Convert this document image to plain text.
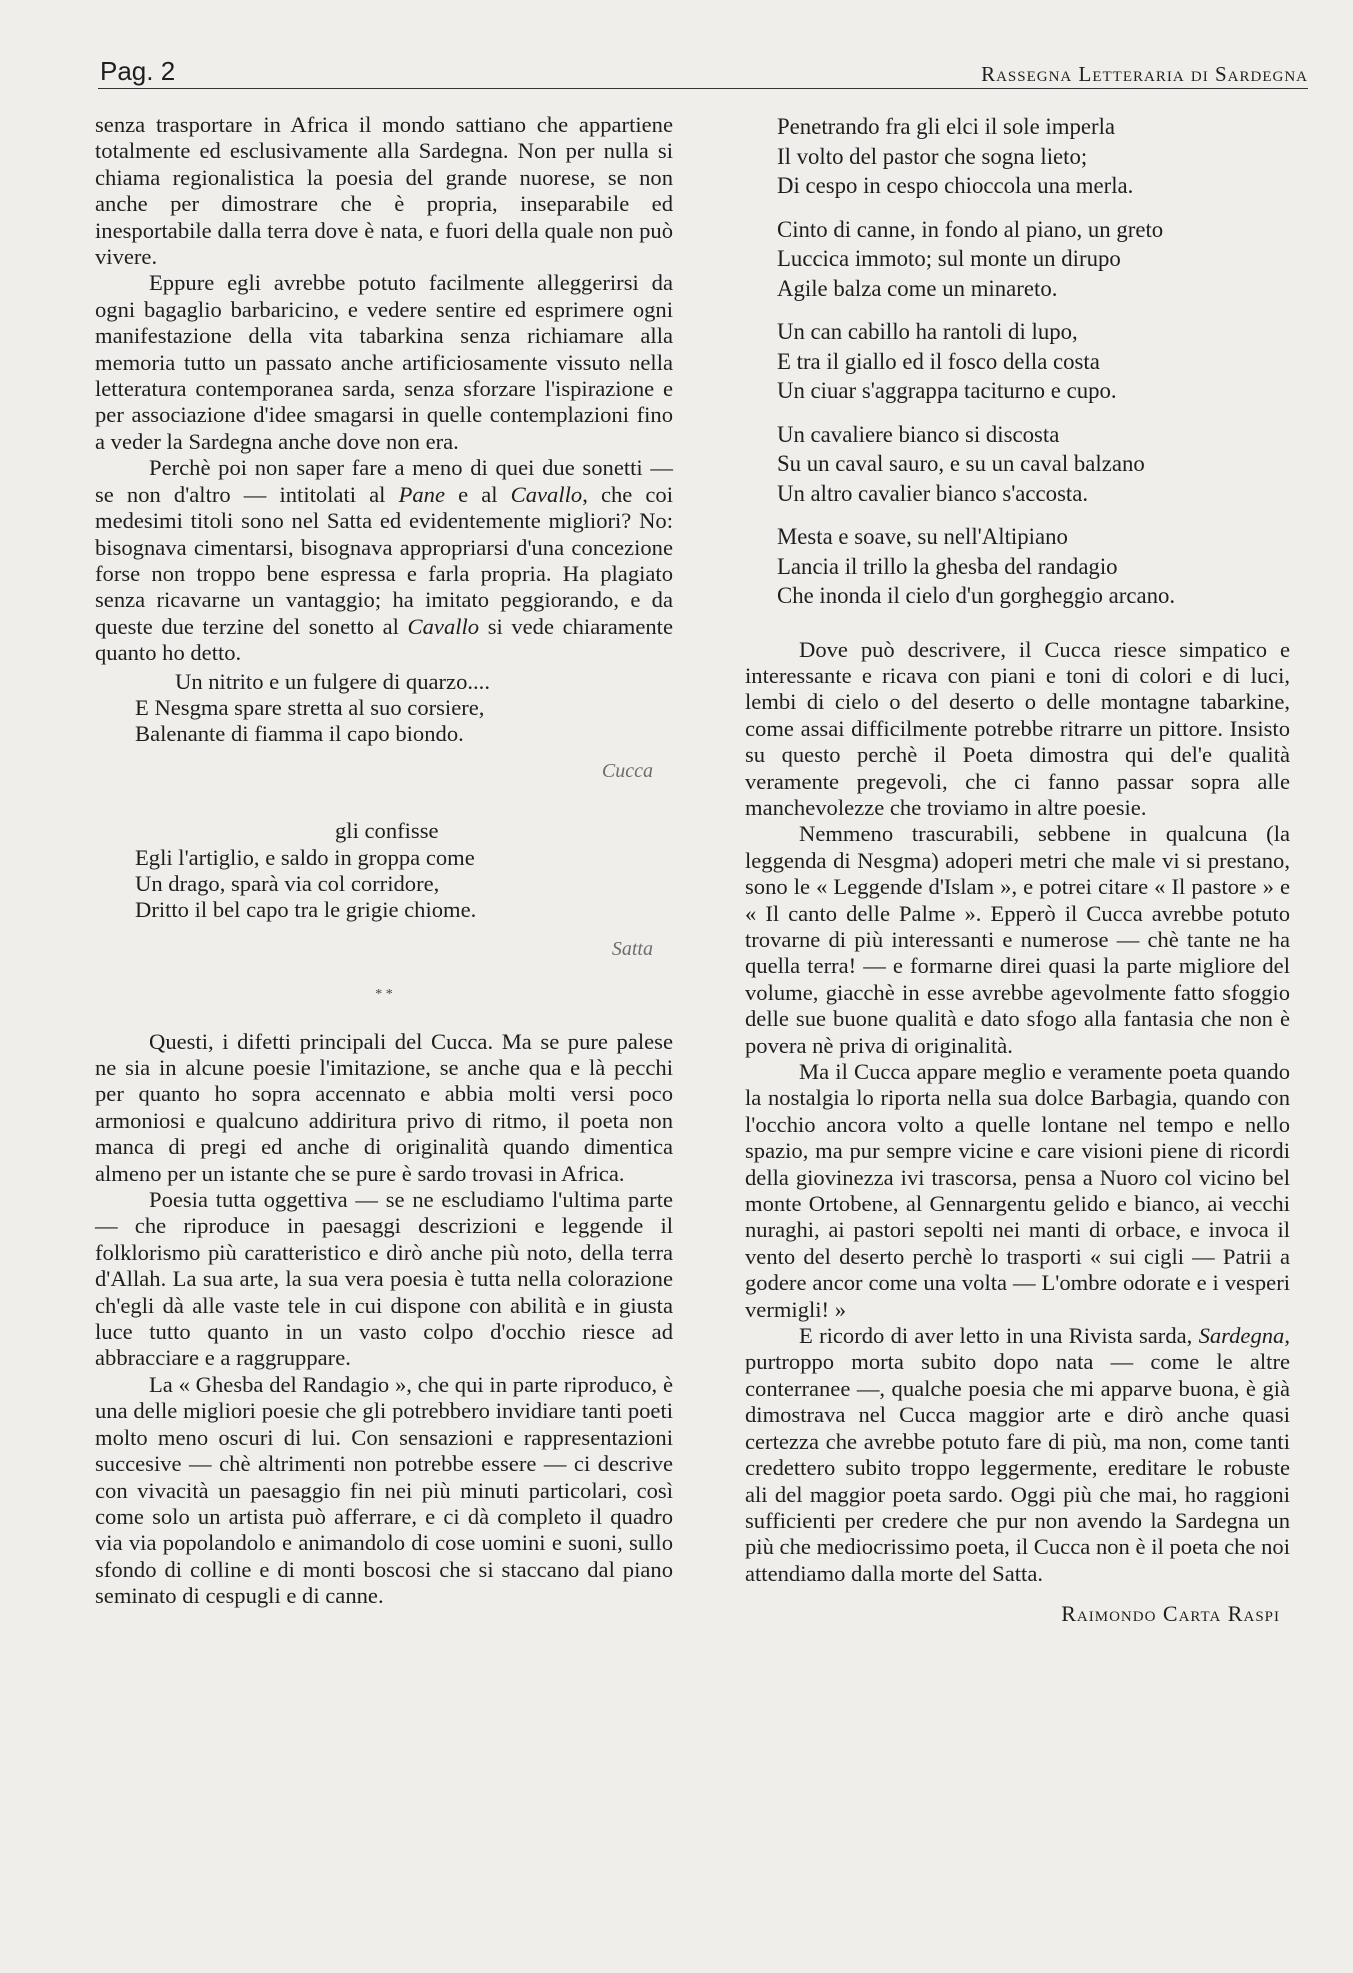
Pag. 2	Rassegna Letteraria di Sardegna

senza trasportare in Africa il mondo sattiano che appartiene totalmente ed esclusivamente alla Sardegna. Non per nulla si chiama regionalistica la poesia del grande nuorese, se non anche per dimostrare che è propria, inseparabile ed inesportabile dalla terra dove è nata, e fuori della quale non può vivere.

Eppure egli avrebbe potuto facilmente alleggerirsi da ogni bagaglio barbaricino, e vedere sentire ed esprimere ogni manifestazione della vita tabarkina senza richiamare alla memoria tutto un passato anche artificiosamente vissuto nella letteratura contemporanea sarda, senza sforzare l'ispirazione e per associazione d'idee smagarsi in quelle contemplazioni fino a veder la Sardegna anche dove non era.

Perchè poi non saper fare a meno di quei due sonetti — se non d'altro — intitolati al Pane e al Cavallo, che coi medesimi titoli sono nel Satta ed evidentemente migliori? No: bisognava cimentarsi, bisognava appropriarsi d'una concezione forse non troppo bene espressa e farla propria. Ha plagiato senza ricavarne un vantaggio; ha imitato peggiorando, e da queste due terzine del sonetto al Cavallo si vede chiaramente quanto ho detto.

Un nitrito e un fulgere di quarzo....
E Nesgma spare stretta al suo corsiere,
Balenante di fiamma il capo biondo.
Cucca
gli confisse
Egli l'artiglio, e saldo in groppa come
Un drago, sparà via col corridore,
Dritto il bel capo tra le grigie chiome.
Satta
* *

Questi, i difetti principali del Cucca. Ma se pure palese ne sia in alcune poesie l'imitazione, se anche qua e là pecchi per quanto ho sopra accennato e abbia molti versi poco armoniosi e qualcuno addiritura privo di ritmo, il poeta non manca di pregi ed anche di originalità quando dimentica almeno per un istante che se pure è sardo trovasi in Africa.

Poesia tutta oggettiva — se ne escludiamo l'ultima parte — che riproduce in paesaggi descrizioni e leggende il folklorismo più caratteristico e dirò anche più noto, della terra d'Allah. La sua arte, la sua vera poesia è tutta nella colorazione ch'egli dà alle vaste tele in cui dispone con abilità e in giusta luce tutto quanto in un vasto colpo d'occhio riesce ad abbracciare e a raggruppare.

La « Ghesba del Randagio », che qui in parte riproduco, è una delle migliori poesie che gli potrebbero invidiare tanti poeti molto meno oscuri di lui. Con sensazioni e rappresentazioni succesive — chè altrimenti non potrebbe essere — ci descrive con vivacità un paesaggio fin nei più minuti particolari, così come solo un artista può afferrare, e ci dà completo il quadro via via popolandolo e animandolo di cose uomini e suoni, sullo sfondo di colline e di monti boscosi che si staccano dal piano seminato di cespugli e di canne.

Penetrando fra gli elci il sole imperla
Il volto del pastor che sogna lieto;
Di cespo in cespo chioccola una merla.
Cinto di canne, in fondo al piano, un greto
Luccica immoto; sul monte un dirupo
Agile balza come un minareto.
Un can cabillo ha rantoli di lupo,
E tra il giallo ed il fosco della costa
Un ciuar s'aggrappa taciturno e cupo.
Un cavaliere bianco si discosta
Su un caval sauro, e su un caval balzano
Un altro cavalier bianco s'accosta.
Mesta e soave, su nell'Altipiano
Lancia il trillo la ghesba del randagio
Che inonda il cielo d'un gorgheggio arcano.

Dove può descrivere, il Cucca riesce simpatico e interessante e ricava con piani e toni di colori e di luci, lembi di cielo o del deserto o delle montagne tabarkine, come assai difficilmente potrebbe ritrarre un pittore. Insisto su questo perchè il Poeta dimostra qui del'e qualità veramente pregevoli, che ci fanno passar sopra alle manchevolezze che troviamo in altre poesie.

Nemmeno trascurabili, sebbene in qualcuna (la leggenda di Nesgma) adoperi metri che male vi si prestano, sono le « Leggende d'Islam », e potrei citare « Il pastore » e « Il canto delle Palme ». Epperò il Cucca avrebbe potuto trovarne di più interessanti e numerose — chè tante ne ha quella terra! — e formarne direi quasi la parte migliore del volume, giacchè in esse avrebbe agevolmente fatto sfoggio delle sue buone qualità e dato sfogo alla fantasia che non è povera nè priva di originalità.

Ma il Cucca appare meglio e veramente poeta quando la nostalgia lo riporta nella sua dolce Barbagia, quando con l'occhio ancora volto a quelle lontane nel tempo e nello spazio, ma pur sempre vicine e care visioni piene di ricordi della giovinezza ivi trascorsa, pensa a Nuoro col vicino bel monte Ortobene, al Gennargentu gelido e bianco, ai vecchi nuraghi, ai pastori sepolti nei manti di orbace, e invoca il vento del deserto perchè lo trasporti « sui cigli — Patrii a godere ancor come una volta — L'ombre odorate e i vesperi vermigli! »

E ricordo di aver letto in una Rivista sarda, Sardegna, purtroppo morta subito dopo nata — come le altre conterranee —, qualche poesia che mi apparve buona, è già dimostrava nel Cucca maggior arte e dirò anche quasi certezza che avrebbe potuto fare di più, ma non, come tanti credettero subito troppo leggermente, ereditare le robuste ali del maggior poeta sardo. Oggi più che mai, ho raggioni sufficienti per credere che pur non avendo la Sardegna un più che mediocrissimo poeta, il Cucca non è il poeta che noi attendiamo dalla morte del Satta.

Raimondo Carta Raspi
